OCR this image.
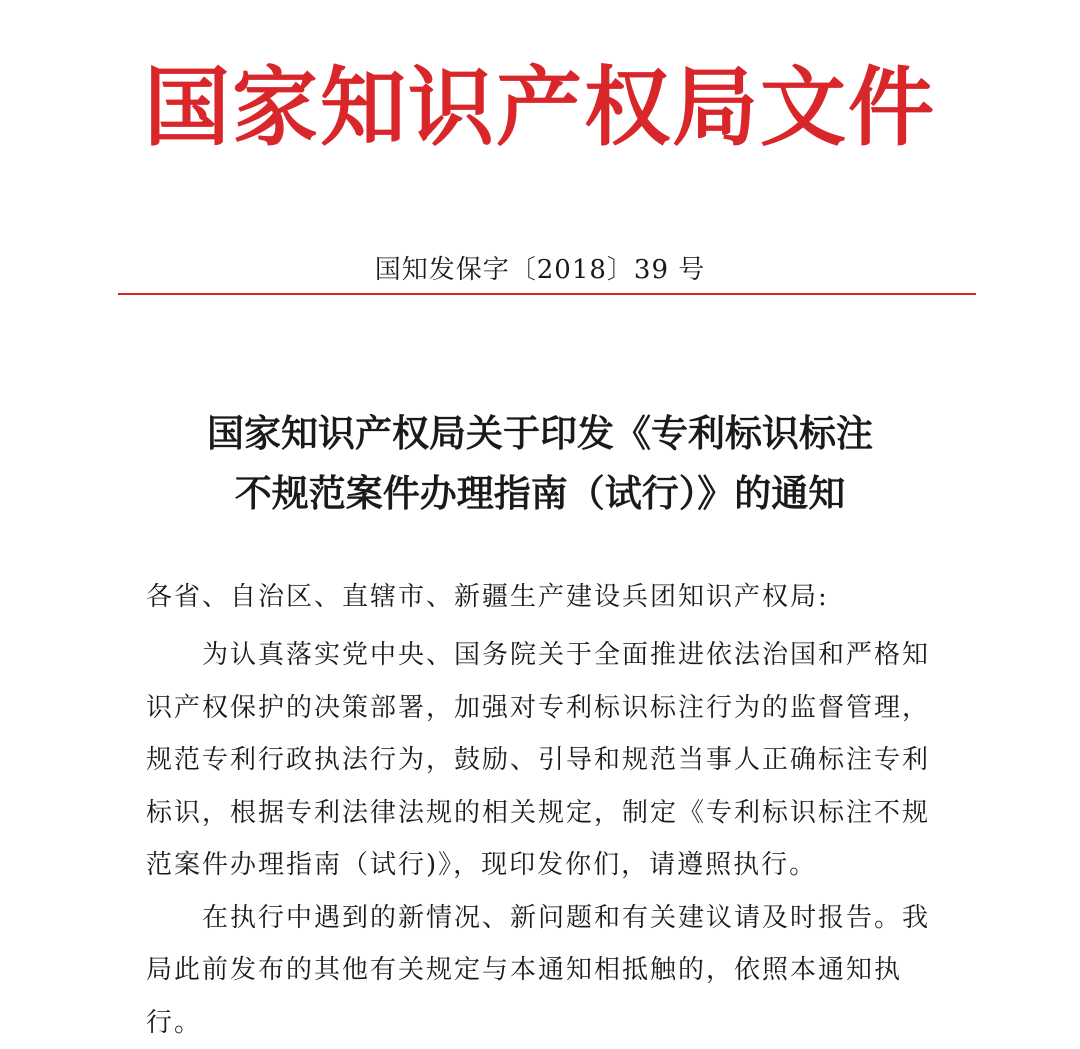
国家知识产权局文件
国知发保字〔2018〕39 号
国家知识产权局关于印发《专利标识标注
不规范案件办理指南（试行）》的通知
各省、自治区、直辖市、新疆生产建设兵团知识产权局:
为认真落实党中央、国务院关于全面推进依法治国和严格知
识产权保护的决策部署，加强对专利标识标注行为的监督管理，
规范专利行政执法行为，鼓励、引导和规范当事人正确标注专利
标识，根据专利法律法规的相关规定，制定《专利标识标注不规
范案件办理指南（试行)》，现印发你们，请遵照执行。
在执行中遇到的新情况、新问题和有关建议请及时报告。我
局此前发布的其他有关规定与本通知相抵触的，依照本通知执
行。
